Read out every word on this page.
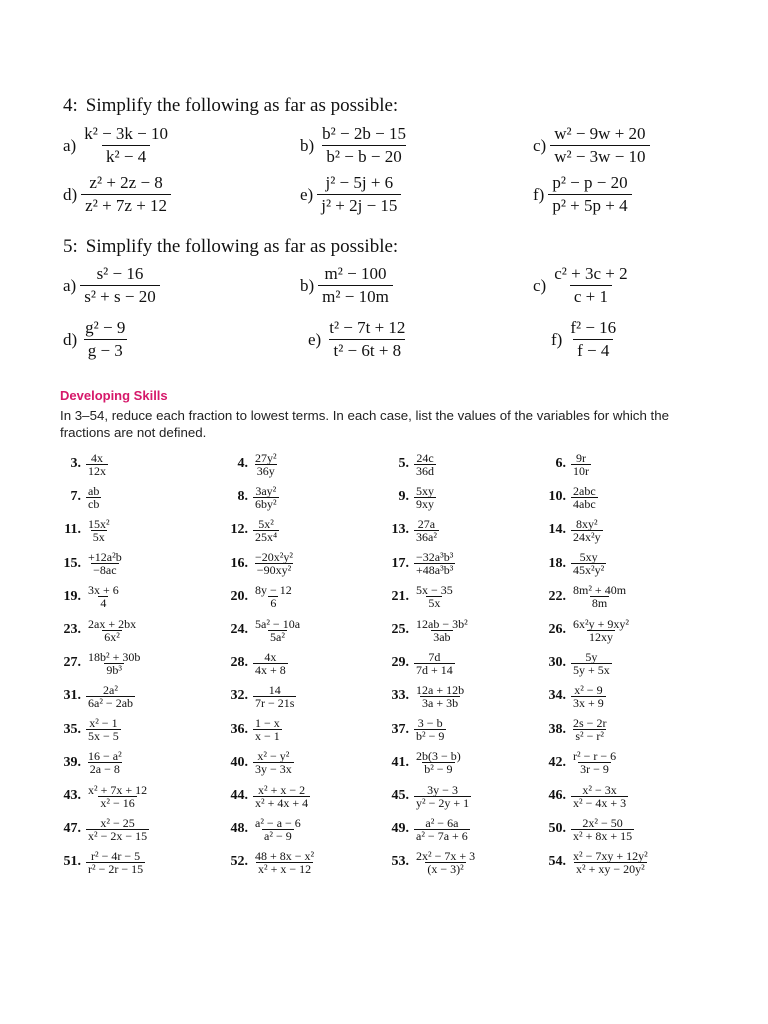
4: Simplify the following as far as possible:
$a) \frac{\text{k² − 3k − 10}}{\text{k² − 4}}$	$b) \frac{\text{b² − 2b − 15}}{\text{b² − b − 20}}$	$c) \frac{\text{w² − 9w + 20}}{\text{w² − 3w − 10}}$
$d) \frac{\text{z² + 2z − 8}}{\text{z² + 7z + 12}}$	$e) \frac{\text{j² − 5j + 6}}{\text{j² + 2j − 15}}$	$f) \frac{\text{p² − p − 20}}{\text{p² + 5p + 4}}$
5: Simplify the following as far as possible:
$a) \frac{\text{s² − 16}}{\text{s² + s − 20}}$	$b) \frac{\text{m² − 100}}{\text{m² − 10m}}$	$c) \frac{\text{c² + 3c + 2}}{c + 1}$
$d) \frac{\text{g² − 9}}{g - 3}$	$e) \frac{\text{t² − 7t + 12}}{\text{t² − 6t + 8}}$	$f) \frac{\text{f² − 16}}{f - 4}$
Developing Skills
In 3–54, reduce each fraction to lowest terms. In each case, list the values of the variables for which the fractions are not defined.
3. $\frac{4x}{12x}$	4. $\frac{\text{27y²}}{36y}$	5. $\frac{24c}{36d}$	6. $\frac{9r}{10r}$
7. $\frac{ab}{cb}$	8. $\frac{\text{3ay²}}{\text{6by²}}$	9. $\frac{5xy}{9xy}$	10. $\frac{\text{2abc}}{\text{4abc}}$
11. $\frac{\text{15x²}}{5x}$	12. $\frac{\text{5x²}}{\text{25x⁴}}$	13. $\frac{27a}{\text{36a²}}$	14. $\frac{\text{8xy²}}{\text{24x²y}}$
15. $\frac{\text{+12a²b}}{-8ac}$	16. $\frac{\text{−20x²y²}}{\text{−90xy²}}$	17. $\frac{\text{−32a³b³}}{\text{+48a³b³}}$	18. $\frac{5xy}{\text{45x²y²}}$
19. $\frac{3x + 6}{4}$	20. $\frac{8y - 12}{6}$	21. $\frac{5x - 35}{5x}$	22. $\frac{\text{8m² + 40m}}{8m}$
23. $\frac{2ax + 2bx}{\text{6x²}}$	24. $\frac{\text{5a² − 10a}}{\text{5a²}}$	25. $\frac{\text{12ab − 3b²}}{3ab}$	26. $\frac{\text{6x²y + 9xy²}}{12xy}$
27. $\frac{\text{18b² + 30b}}{\text{9b³}}$	28. $\frac{4x}{4x + 8}$	29. $\frac{7d}{7d + 14}$	30. $\frac{5y}{5y + 5x}$
31. $\frac{\text{2a²}}{\text{6a² − 2ab}}$	32. $\frac{14}{7r - 21s}$	33. $\frac{12a + 12b}{3a + 3b}$	34. $\frac{\text{x² − 9}}{3x + 9}$
35. $\frac{\text{x² − 1}}{5x - 5}$	36. $\frac{1 - x}{x - 1}$	37. $\frac{3 - b}{\text{b² − 9}}$	38. $\frac{2s - 2r}{\text{s² − r²}}$
39. $\frac{\text{16 − a²}}{2a - 8}$	40. $\frac{\text{x² − y²}}{3y - 3x}$	41. $\frac{2b(3 - b)}{\text{b² − 9}}$	42. $\frac{\text{r² − r − 6}}{3r - 9}$
43. $\frac{\text{x² + 7x + 12}}{\text{x² − 16}}$	44. $\frac{\text{x² + x − 2}}{\text{x² + 4x + 4}}$	45. $\frac{3y - 3}{\text{y² − 2y + 1}}$	46. $\frac{\text{x² − 3x}}{\text{x² − 4x + 3}}$
47. $\frac{\text{x² − 25}}{\text{x² − 2x − 15}}$	48. $\frac{\text{a² − a − 6}}{\text{a² − 9}}$	49. $\frac{\text{a² − 6a}}{\text{a² − 7a + 6}}$	50. $\frac{\text{2x² − 50}}{\text{x² + 8x + 15}}$
51. $\frac{\text{r² − 4r − 5}}{\text{r² − 2r − 15}}$	52. $\frac{\text{48 + 8x − x²}}{\text{x² + x − 12}}$	53. $\frac{\text{2x² − 7x + 3}}{\text{(x − 3)²}}$	54. $\frac{\text{x² − 7xy + 12y²}}{\text{x² + xy − 20y²}}$
